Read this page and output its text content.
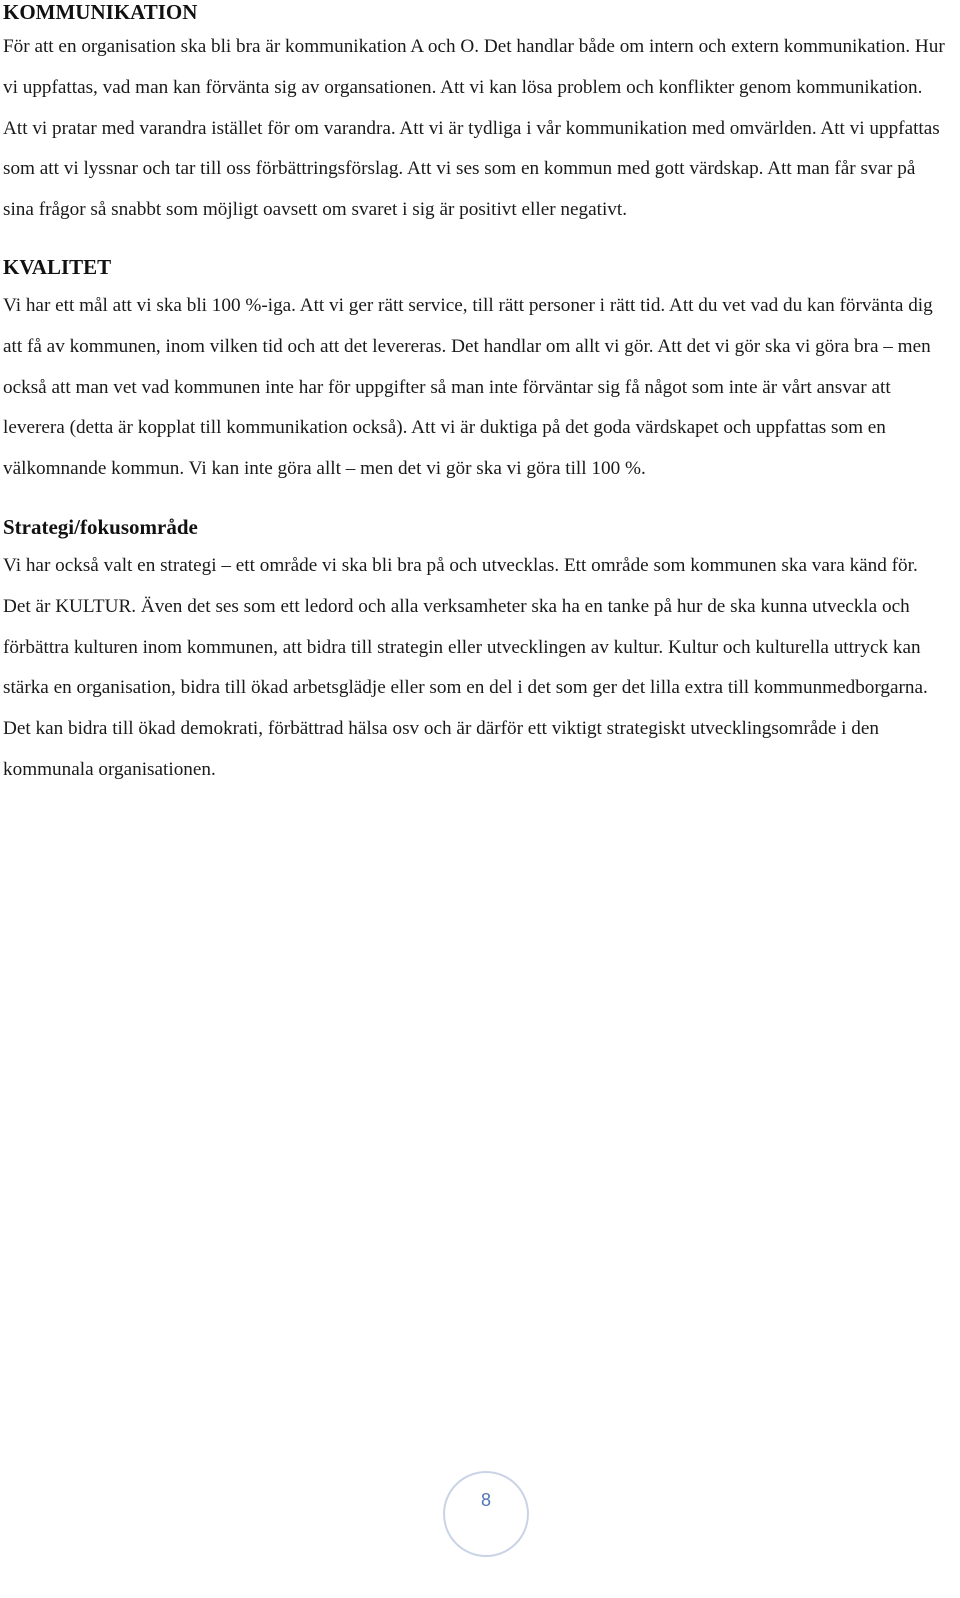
KOMMUNIKATION

För att en organisation ska bli bra är kommunikation A och O. Det handlar både om intern och extern kommunikation. Hur vi uppfattas, vad man kan förvänta sig av organsationen. Att vi kan lösa problem och konflikter genom kommunikation. Att vi pratar med varandra istället för om varandra. Att vi är tydliga i vår kommunikation med omvärlden. Att vi uppfattas som att vi lyssnar och tar till oss förbättringsförslag. Att vi ses som en kommun med gott värdskap. Att man får svar på sina frågor så snabbt som möjligt oavsett om svaret i sig är positivt eller negativt.

KVALITET

Vi har ett mål att vi ska bli 100 %-iga. Att vi ger rätt service, till rätt personer i rätt tid. Att du vet vad du kan förvänta dig att få av kommunen, inom vilken tid och att det levereras. Det handlar om allt vi gör. Att det vi gör ska vi göra bra – men också att man vet vad kommunen inte har för uppgifter så man inte förväntar sig få något som inte är vårt ansvar att leverera (detta är kopplat till kommunikation också). Att vi är duktiga på det goda värdskapet och uppfattas som en välkomnande kommun. Vi kan inte göra allt – men det vi gör ska vi göra till 100 %.

Strategi/fokusområde

Vi har också valt en strategi – ett område vi ska bli bra på och utvecklas. Ett område som kommunen ska vara känd för. Det är KULTUR. Även det ses som ett ledord och alla verksamheter ska ha en tanke på hur de ska kunna utveckla och förbättra kulturen inom kommunen, att bidra till strategin eller utvecklingen av kultur. Kultur och kulturella uttryck kan stärka en organisation, bidra till ökad arbetsglädje eller som en del i det som ger det lilla extra till kommunmedborgarna. Det kan bidra till ökad demokrati, förbättrad hälsa osv och är därför ett viktigt strategiskt utvecklingsområde i den kommunala organisationen.

8
